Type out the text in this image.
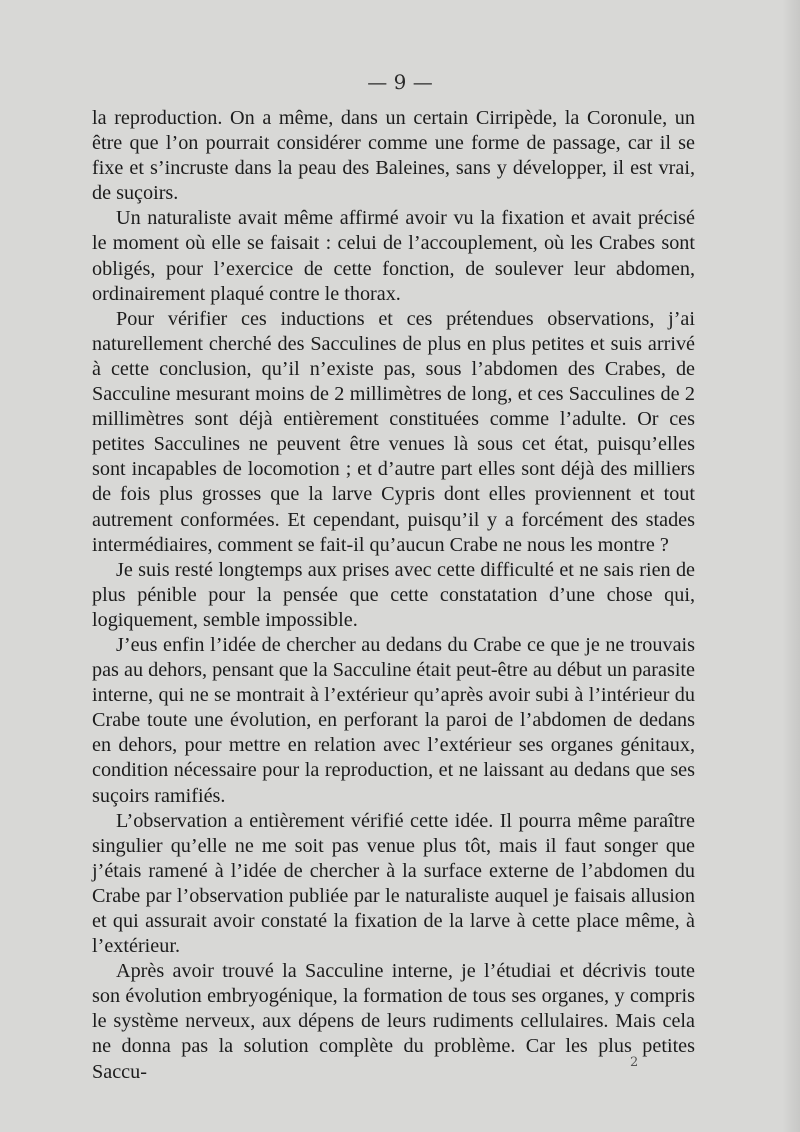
— 9 —

la reproduction. On a même, dans un certain Cirripède, la Coronule, un être que l’on pourrait considérer comme une forme de passage, car il se fixe et s’incruste dans la peau des Baleines, sans y développer, il est vrai, de suçoirs.

Un naturaliste avait même affirmé avoir vu la fixation et avait précisé le moment où elle se faisait : celui de l’accouplement, où les Crabes sont obligés, pour l’exercice de cette fonction, de soulever leur abdomen, ordinairement plaqué contre le thorax.

Pour vérifier ces inductions et ces prétendues observations, j’ai naturellement cherché des Sacculines de plus en plus petites et suis arrivé à cette conclusion, qu’il n’existe pas, sous l’abdomen des Crabes, de Sacculine mesurant moins de 2 millimètres de long, et ces Sacculines de 2 millimètres sont déjà entièrement constituées comme l’adulte. Or ces petites Sacculines ne peuvent être venues là sous cet état, puisqu’elles sont incapables de locomotion ; et d’autre part elles sont déjà des milliers de fois plus grosses que la larve Cypris dont elles proviennent et tout autrement conformées. Et cependant, puisqu’il y a forcément des stades intermédiaires, comment se fait-il qu’aucun Crabe ne nous les montre ?

Je suis resté longtemps aux prises avec cette difficulté et ne sais rien de plus pénible pour la pensée que cette constatation d’une chose qui, logiquement, semble impossible.

J’eus enfin l’idée de chercher au dedans du Crabe ce que je ne trouvais pas au dehors, pensant que la Sacculine était peut-être au début un parasite interne, qui ne se montrait à l’extérieur qu’après avoir subi à l’intérieur du Crabe toute une évolution, en perforant la paroi de l’abdomen de dedans en dehors, pour mettre en relation avec l’extérieur ses organes génitaux, condition nécessaire pour la reproduction, et ne laissant au dedans que ses suçoirs ramifiés.

L’observation a entièrement vérifié cette idée. Il pourra même paraître singulier qu’elle ne me soit pas venue plus tôt, mais il faut songer que j’étais ramené à l’idée de chercher à la surface externe de l’abdomen du Crabe par l’observation publiée par le naturaliste auquel je faisais allusion et qui assurait avoir constaté la fixation de la larve à cette place même, à l’extérieur.

Après avoir trouvé la Sacculine interne, je l’étudiai et décrivis toute son évolution embryogénique, la formation de tous ses organes, y compris le système nerveux, aux dépens de leurs rudiments cellulaires. Mais cela ne donna pas la solution complète du problème. Car les plus petites Saccu-	2
